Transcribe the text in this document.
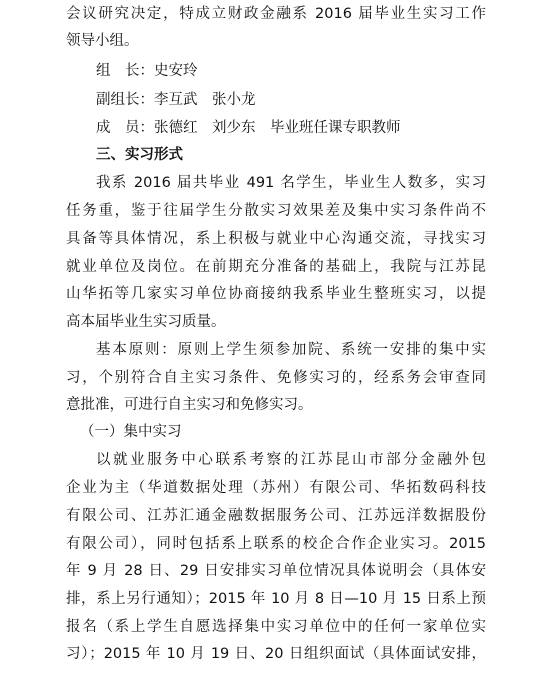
会议研究决定，特成立财政金融系 2016 届毕业生实习工作
领导小组。
组　长：史安玲
副组长：李互武　张小龙
成　员：张德红　刘少东　毕业班任课专职教师
三、实习形式
我系 2016 届共毕业 491 名学生，毕业生人数多，实习
任务重，鉴于往届学生分散实习效果差及集中实习条件尚不
具备等具体情况，系上积极与就业中心沟通交流，寻找实习
就业单位及岗位。在前期充分准备的基础上，我院与江苏昆
山华拓等几家实习单位协商接纳我系毕业生整班实习，以提
高本届毕业生实习质量。
基本原则：原则上学生须参加院、系统一安排的集中实
习，个别符合自主实习条件、免修实习的，经系务会审查同
意批准，可进行自主实习和免修实习。
（一）集中实习
以就业服务中心联系考察的江苏昆山市部分金融外包
企业为主（华道数据处理（苏州）有限公司、华拓数码科技
有限公司、江苏汇通金融数据服务公司、江苏远洋数据股份
有限公司），同时包括系上联系的校企合作企业实习。2015
年 9 月 28 日、29 日安排实习单位情况具体说明会（具体安
排，系上另行通知）；2015 年 10 月 8 日—10 月 15 日系上预
报名（系上学生自愿选择集中实习单位中的任何一家单位实
习）；2015 年 10 月 19 日、20 日组织面试（具体面试安排，
